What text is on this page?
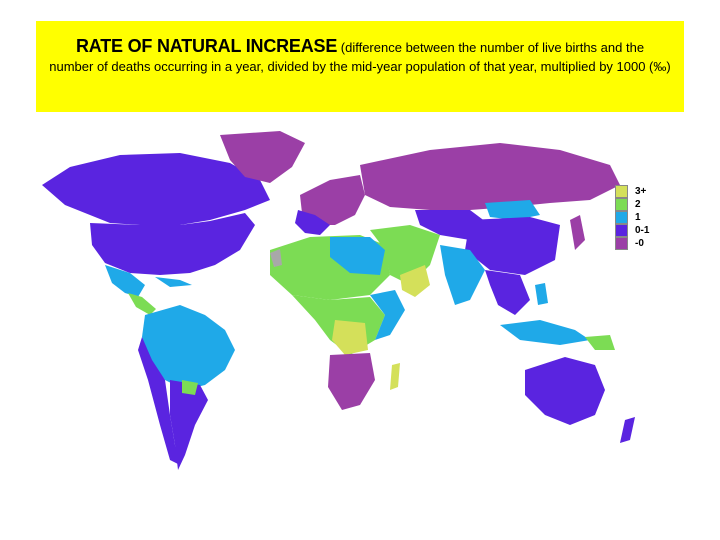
RATE OF NATURAL INCREASE (difference between the number of live births and the
number of deaths occurring in a year, divided by the mid-year population of that year, multiplied by 1000 (‰)
3+
2
1
0-1
-0
